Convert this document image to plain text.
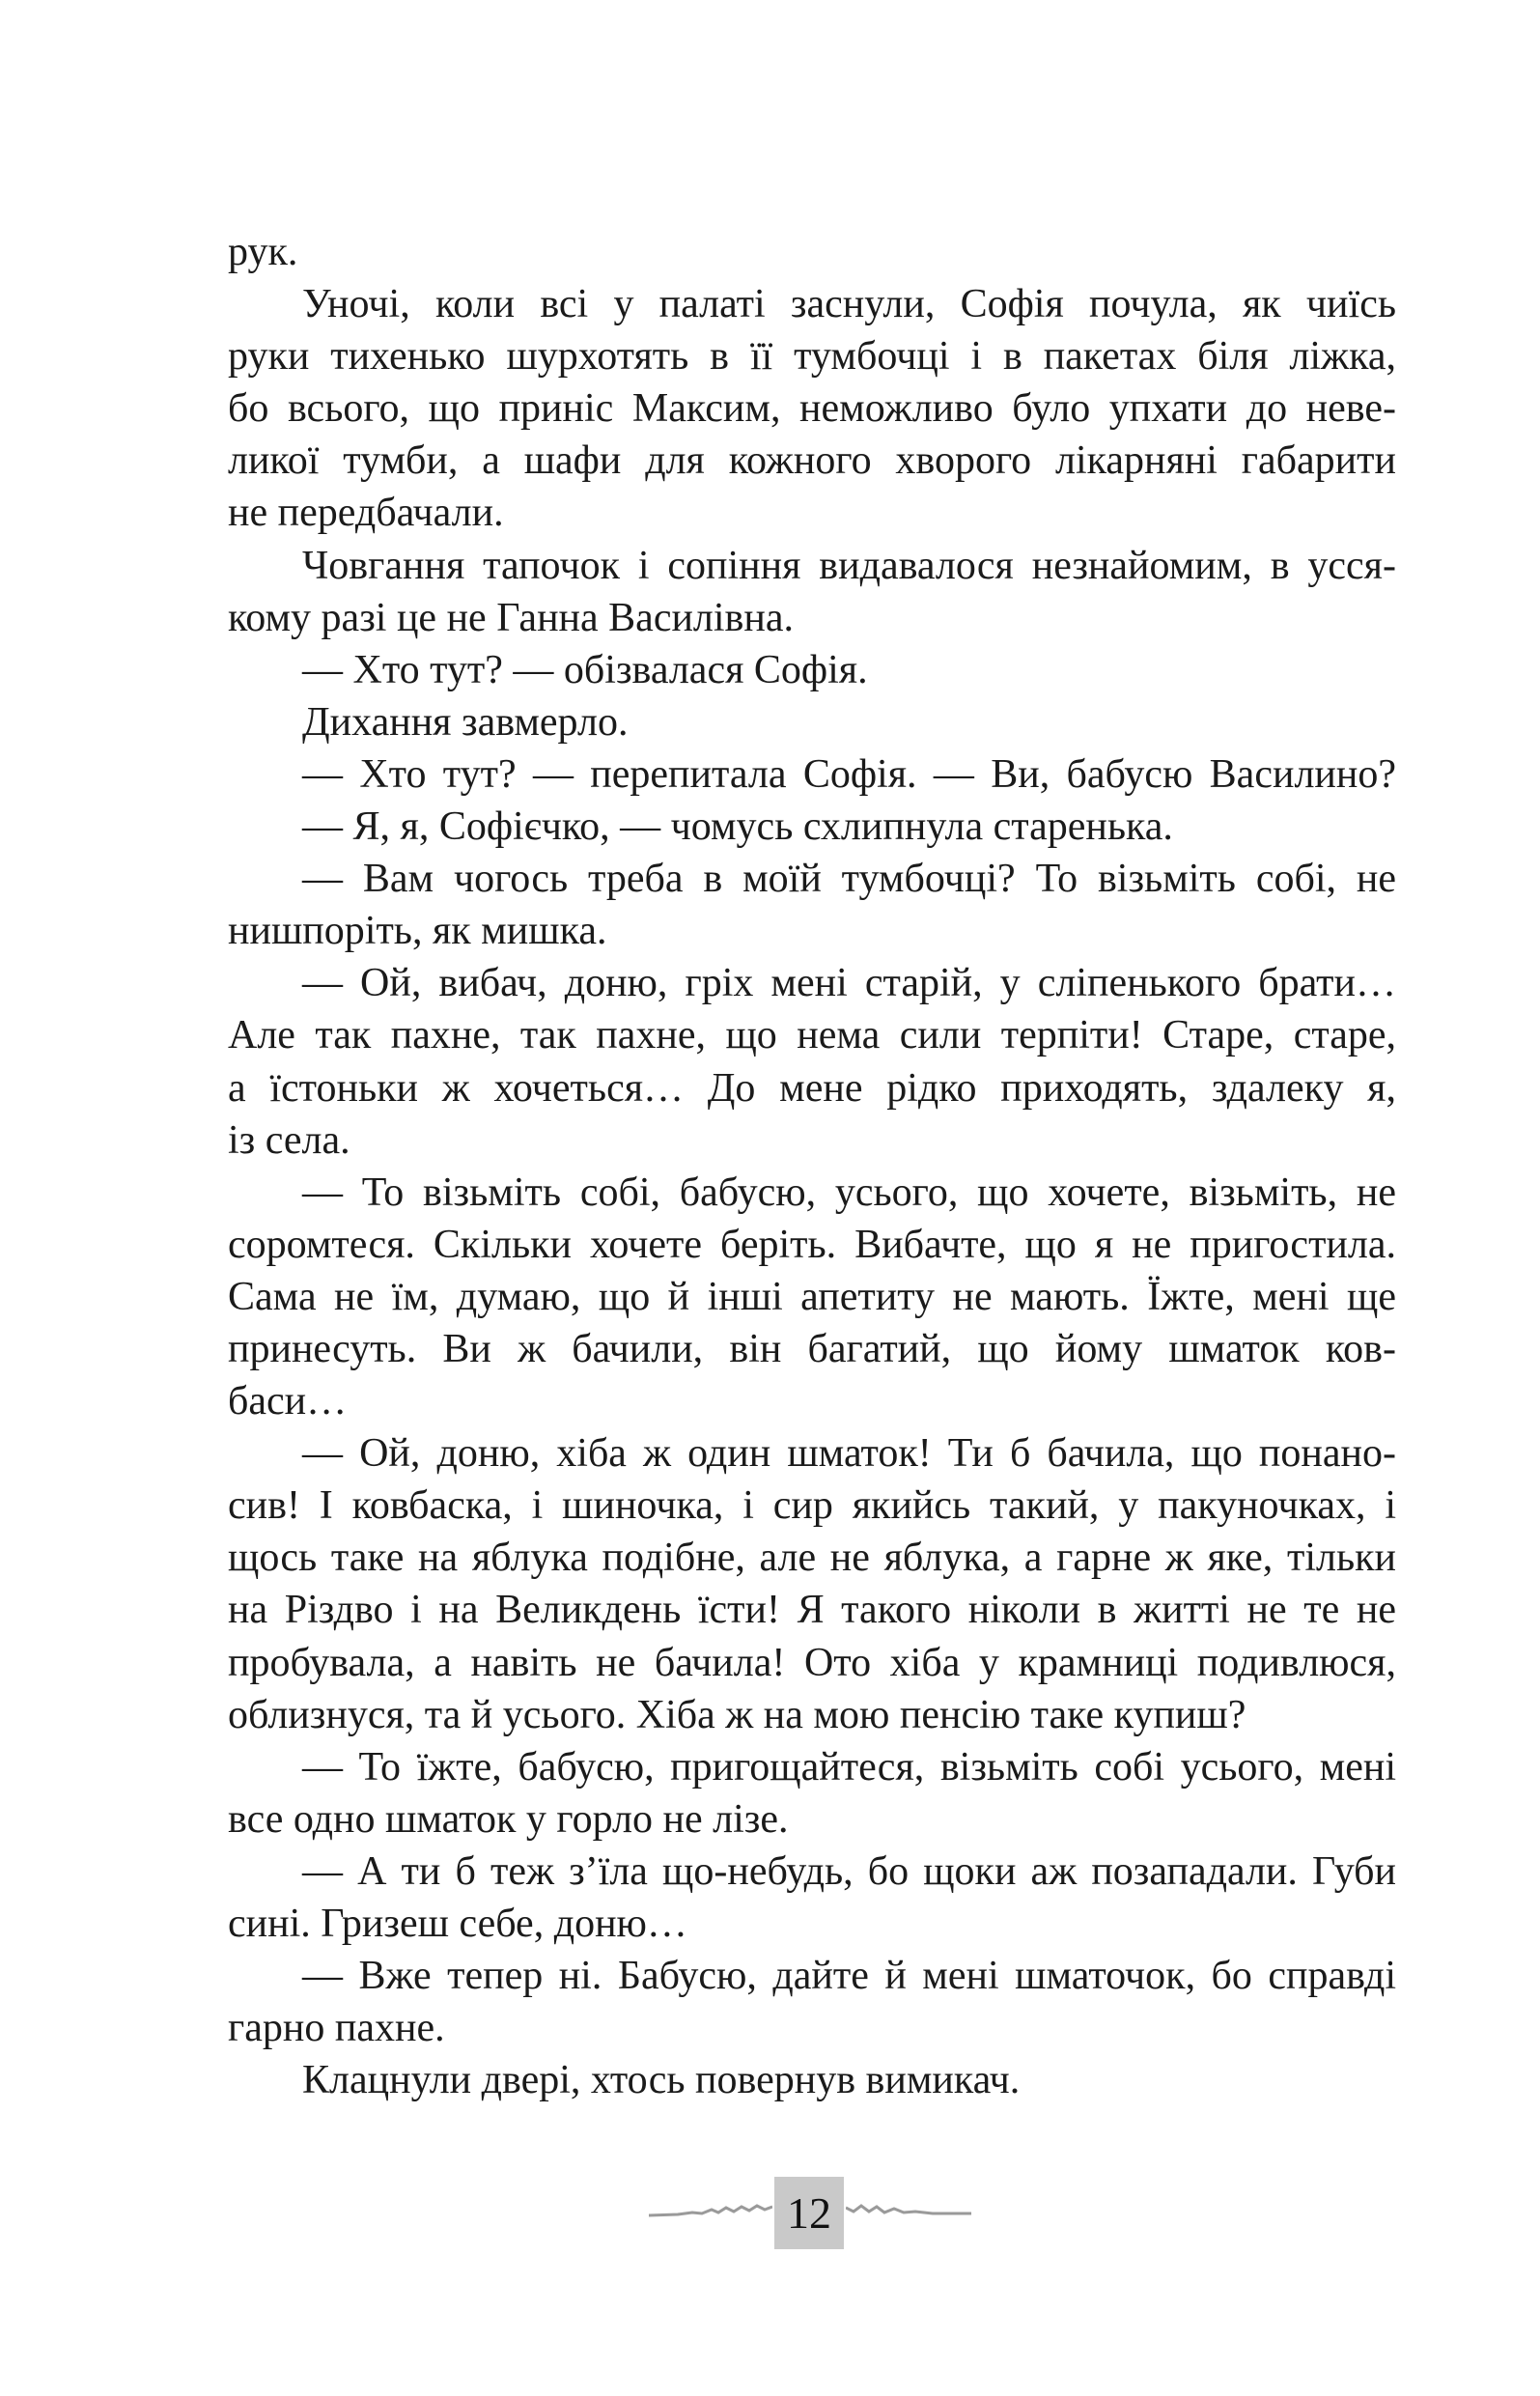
рук.
Уночі, коли всі у палаті заснули, Софія почула, як чиїсь
руки тихенько шурхотять в її тумбочці і в пакетах біля ліжка,
бо всього, що приніс Максим, неможливо було упхати до неве-
ликої тумби, а шафи для кожного хворого лікарняні габарити
не передбачали.
Човгання тапочок і сопіння видавалося незнайомим, в усся-
кому разі це не Ганна Василівна.
— Хто тут? — обізвалася Софія.
Дихання завмерло.
— Хто тут? — перепитала Софія. — Ви, бабусю Василино?
— Я, я, Софієчко, — чомусь схлипнула старенька.
— Вам чогось треба в моїй тумбочці? То візьміть собі, не
нишпоріть, як мишка.
— Ой, вибач, доню, гріх мені старій, у сліпенького брати…
Але так пахне, так пахне, що нема сили терпіти! Старе, старе,
а їстоньки ж хочеться… До мене рідко приходять, здалеку я,
із села.
— То візьміть собі, бабусю, усього, що хочете, візьміть, не
соромтеся. Скільки хочете беріть. Вибачте, що я не пригостила.
Сама не їм, думаю, що й інші апетиту не мають. Їжте, мені ще
принесуть. Ви ж бачили, він багатий, що йому шматок ков-
баси…
— Ой, доню, хіба ж один шматок! Ти б бачила, що понано-
сив! І ковбаска, і шиночка, і сир якийсь такий, у пакуночках, і
щось таке на яблука подібне, але не яблука, а гарне ж яке, тільки
на Різдво і на Великдень їсти! Я такого ніколи в житті не те не
пробувала, а навіть не бачила! Ото хіба у крамниці подивлюся,
облизнуся, та й усього. Хіба ж на мою пенсію таке купиш?
— То їжте, бабусю, пригощайтеся, візьміть собі усього, мені
все одно шматок у горло не лізе.
— А ти б теж з’їла що-небудь, бо щоки аж позападали. Губи
сині. Гризеш себе, доню…
— Вже тепер ні. Бабусю, дайте й мені шматочок, бо справді
гарно пахне.
Клацнули двері, хтось повернув вимикач.
12
